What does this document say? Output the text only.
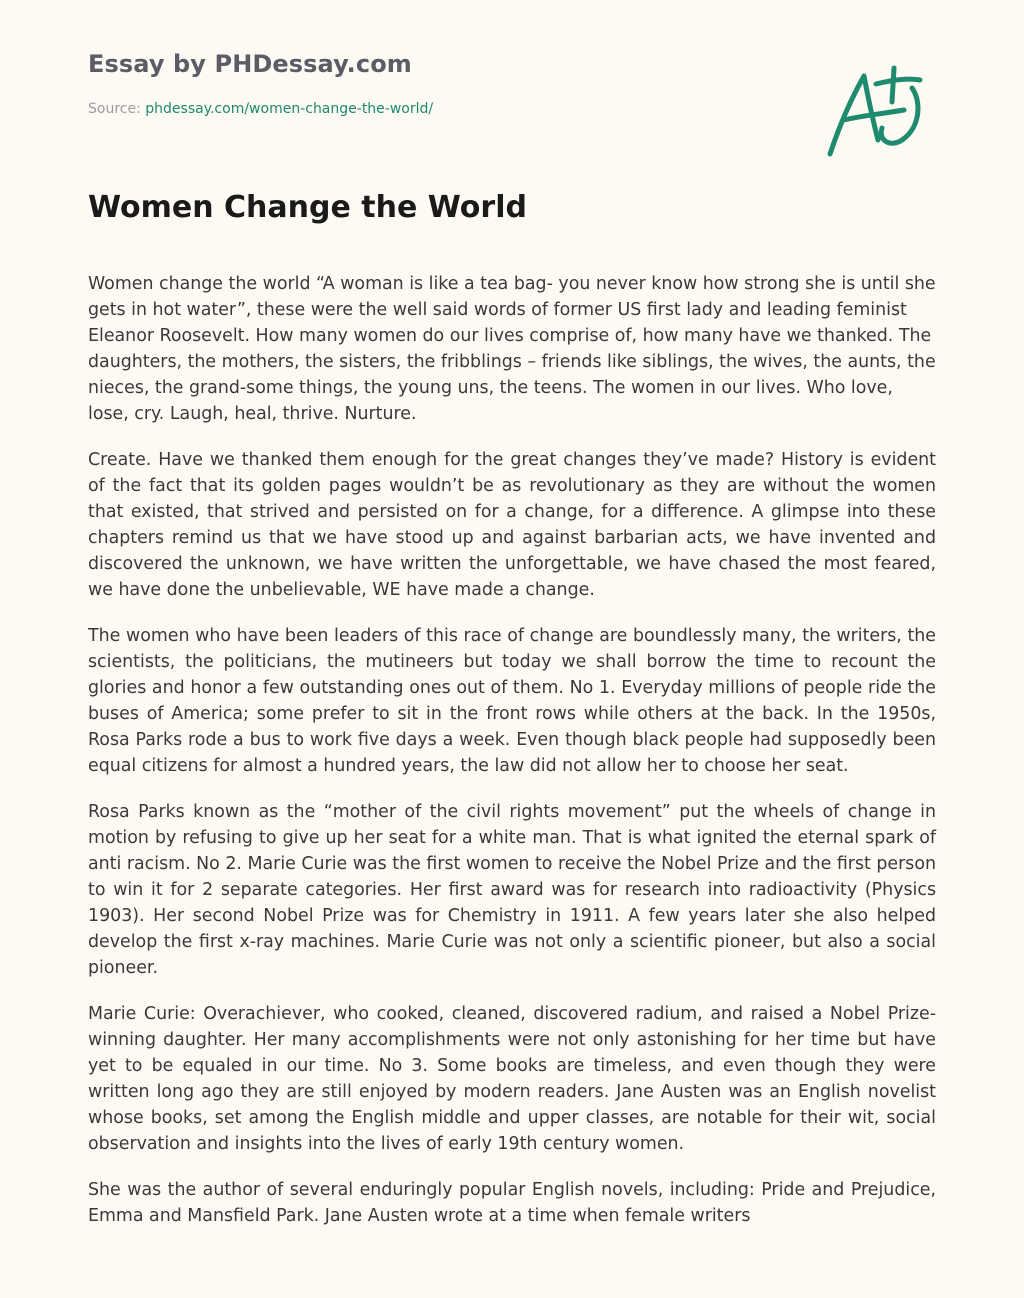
Essay by PHDessay.com
Source: phdessay.com/women-change-the-world/
Women Change the World

Women change the world “A woman is like a tea bag- you never know how strong she is until she gets in hot water”, these were the well said words of former US first lady and leading feminist Eleanor Roosevelt. How many women do our lives comprise of, how many have we thanked. The daughters, the mothers, the sisters, the fribblings – friends like siblings, the wives, the aunts, the nieces, the grand-some things, the young uns, the teens. The women in our lives. Who love, lose, cry. Laugh, heal, thrive. Nurture.

Create. Have we thanked them enough for the great changes they’ve made? History is evident of the fact that its golden pages wouldn’t be as revolutionary as they are without the women that existed, that strived and persisted on for a change, for a difference. A glimpse into these chapters remind us that we have stood up and against barbarian acts, we have invented and discovered the unknown, we have written the unforgettable, we have chased the most feared, we have done the unbelievable, WE have made a change.

The women who have been leaders of this race of change are boundlessly many, the writers, the scientists, the politicians, the mutineers but today we shall borrow the time to recount the glories and honor a few outstanding ones out of them. No 1. Everyday millions of people ride the buses of America; some prefer to sit in the front rows while others at the back. In the 1950s, Rosa Parks rode a bus to work five days a week. Even though black people had supposedly been equal citizens for almost a hundred years, the law did not allow her to choose her seat.

Rosa Parks known as the “mother of the civil rights movement” put the wheels of change in motion by refusing to give up her seat for a white man. That is what ignited the eternal spark of anti racism. No 2. Marie Curie was the first women to receive the Nobel Prize and the first person to win it for 2 separate categories. Her first award was for research into radioactivity (Physics 1903). Her second Nobel Prize was for Chemistry in 1911. A few years later she also helped develop the first x-ray machines. Marie Curie was not only a scientific pioneer, but also a social pioneer.

Marie Curie: Overachiever, who cooked, cleaned, discovered radium, and raised a Nobel Prize-winning daughter. Her many accomplishments were not only astonishing for her time but have yet to be equaled in our time. No 3. Some books are timeless, and even though they were written long ago they are still enjoyed by modern readers. Jane Austen was an English novelist whose books, set among the English middle and upper classes, are notable for their wit, social observation and insights into the lives of early 19th century women.

She was the author of several enduringly popular English novels, including: Pride and Prejudice, Emma and Mansfield Park. Jane Austen wrote at a time when female writers
